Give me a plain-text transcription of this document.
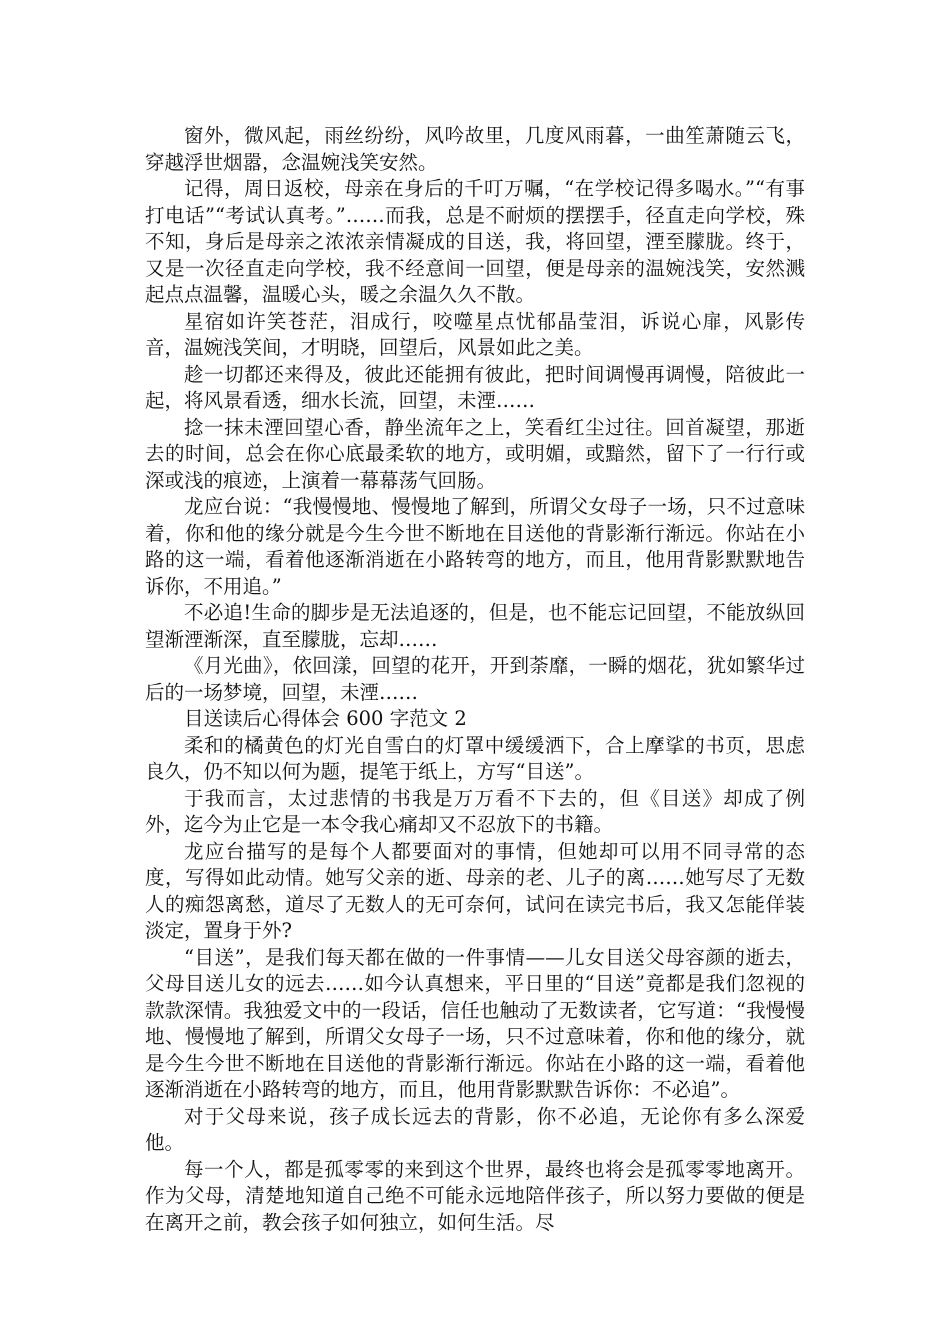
窗外，微风起，雨丝纷纷，风吟故里，几度风雨暮，一曲笙萧随云飞，穿越浮世烟嚣，念温婉浅笑安然。

记得，周日返校，母亲在身后的千叮万嘱，“在学校记得多喝水。”“有事打电话”“考试认真考。”……而我，总是不耐烦的摆摆手，径直走向学校，殊不知，身后是母亲之浓浓亲情凝成的目送，我，将回望，湮至朦胧。终于，又是一次径直走向学校，我不经意间一回望，便是母亲的温婉浅笑，安然溅起点点温馨，温暖心头，暖之余温久久不散。

星宿如许笑苍茫，泪成行，咬噬星点忧郁晶莹泪，诉说心扉，风影传音，温婉浅笑间，才明晓，回望后，风景如此之美。

趁一切都还来得及，彼此还能拥有彼此，把时间调慢再调慢，陪彼此一起，将风景看透，细水长流，回望，未湮……

捻一抹未湮回望心香，静坐流年之上，笑看红尘过往。回首凝望，那逝去的时间，总会在你心底最柔软的地方，或明媚，或黯然，留下了一行行或深或浅的痕迹，上演着一幕幕荡气回肠。

龙应台说：“我慢慢地、慢慢地了解到，所谓父女母子一场，只不过意味着，你和他的缘分就是今生今世不断地在目送他的背影渐行渐远。你站在小路的这一端，看着他逐渐消逝在小路转弯的地方，而且，他用背影默默地告诉你，不用追。”

不必追!生命的脚步是无法追逐的，但是，也不能忘记回望，不能放纵回望渐湮渐深，直至朦胧，忘却……

《月光曲》，依回漾，回望的花开，开到荼靡，一瞬的烟花，犹如繁华过后的一场梦境，回望，未湮……

目送读后心得体会 600 字范文 2

柔和的橘黄色的灯光自雪白的灯罩中缓缓洒下，合上摩挲的书页，思虑良久，仍不知以何为题，提笔于纸上，方写“目送”。

于我而言，太过悲情的书我是万万看不下去的，但《目送》却成了例外，迄今为止它是一本令我心痛却又不忍放下的书籍。

龙应台描写的是每个人都要面对的事情，但她却可以用不同寻常的态度，写得如此动情。她写父亲的逝、母亲的老、儿子的离……她写尽了无数人的痴怨离愁，道尽了无数人的无可奈何，试问在读完书后，我又怎能佯装淡定，置身于外?

“目送”，是我们每天都在做的一件事情——儿女目送父母容颜的逝去，父母目送儿女的远去……如今认真想来，平日里的“目送”竟都是我们忽视的款款深情。我独爱文中的一段话，信任也触动了无数读者，它写道：“我慢慢地、慢慢地了解到，所谓父女母子一场，只不过意味着，你和他的缘分，就是今生今世不断地在目送他的背影渐行渐远。你站在小路的这一端，看着他逐渐消逝在小路转弯的地方，而且，他用背影默默告诉你：不必追”。

对于父母来说，孩子成长远去的背影，你不必追，无论你有多么深爱他。

每一个人，都是孤零零的来到这个世界，最终也将会是孤零零地离开。作为父母，清楚地知道自己绝不可能永远地陪伴孩子，所以努力要做的便是在离开之前，教会孩子如何独立，如何生活。尽
